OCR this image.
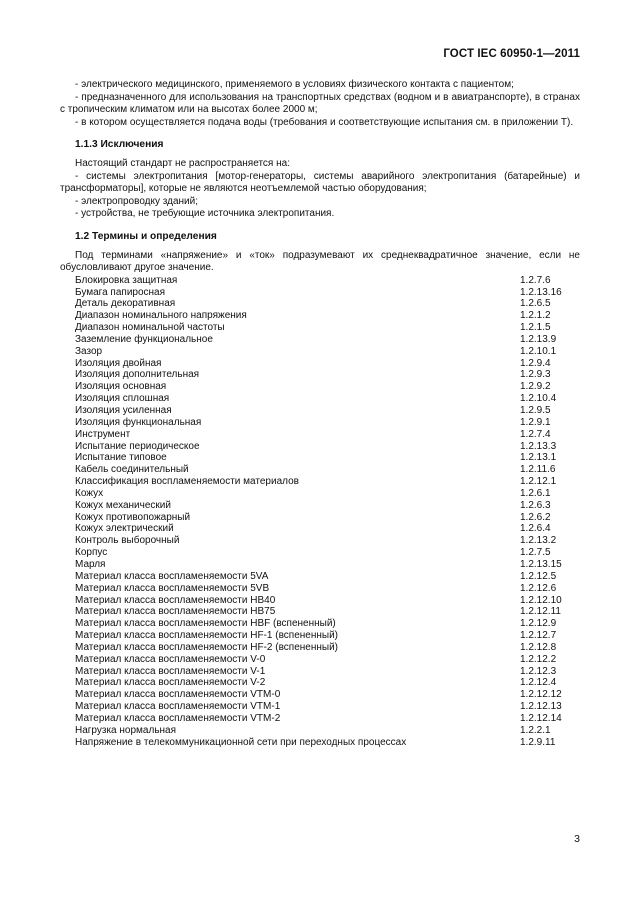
ГОСТ IEC 60950-1—2011

- электрического медицинского, применяемого в условиях физического контакта с пациентом;

- предназначенного для использования на транспортных средствах (водном и в авиатранспорте), в странах с тропическим климатом или на высотах более 2000 м;

- в котором осуществляется подача воды (требования и соответствующие испытания см. в приложении Т).

1.1.3 Исключения

Настоящий стандарт не распространяется на:

- системы электропитания [мотор-генераторы, системы аварийного электропитания (батарейные) и трансформаторы], которые не являются неотъемлемой частью оборудования;

- электропроводку зданий;

- устройства, не требующие источника электропитания.

1.2 Термины и определения

Под терминами «напряжение» и «ток» подразумевают их среднеквадратичное значение, если не обусловливают другое значение.

Блокировка защитная	1.2.7.6
Бумага папиросная	1.2.13.16
Деталь декоративная	1.2.6.5
Диапазон номинального напряжения	1.2.1.2
Диапазон номинальной частоты	1.2.1.5
Заземление функциональное	1.2.13.9
Зазор	1.2.10.1
Изоляция двойная	1.2.9.4
Изоляция дополнительная	1.2.9.3
Изоляция основная	1.2.9.2
Изоляция сплошная	1.2.10.4
Изоляция усиленная	1.2.9.5
Изоляция функциональная	1.2.9.1
Инструмент	1.2.7.4
Испытание периодическое	1.2.13.3
Испытание типовое	1.2.13.1
Кабель соединительный	1.2.11.6
Классификация воспламеняемости материалов	1.2.12.1
Кожух	1.2.6.1
Кожух механический	1.2.6.3
Кожух противопожарный	1.2.6.2
Кожух электрический	1.2.6.4
Контроль выборочный	1.2.13.2
Корпус	1.2.7.5
Марля	1.2.13.15
Материал класса воспламеняемости 5VA	1.2.12.5
Материал класса воспламеняемости 5VB	1.2.12.6
Материал класса воспламеняемости HB40	1.2.12.10
Материал класса воспламеняемости HB75	1.2.12.11
Материал класса воспламеняемости HBF (вспененный)	1.2.12.9
Материал класса воспламеняемости HF-1 (вспененный)	1.2.12.7
Материал класса воспламеняемости HF-2 (вспененный)	1.2.12.8
Материал класса воспламеняемости V-0	1.2.12.2
Материал класса воспламеняемости V-1	1.2.12.3
Материал класса воспламеняемости V-2	1.2.12.4
Материал класса воспламеняемости VTM-0	1.2.12.12
Материал класса воспламеняемости VTM-1	1.2.12.13
Материал класса воспламеняемости VTM-2	1.2.12.14
Нагрузка нормальная	1.2.2.1
Напряжение в телекоммуникационной сети при переходных процессах	1.2.9.11
3
